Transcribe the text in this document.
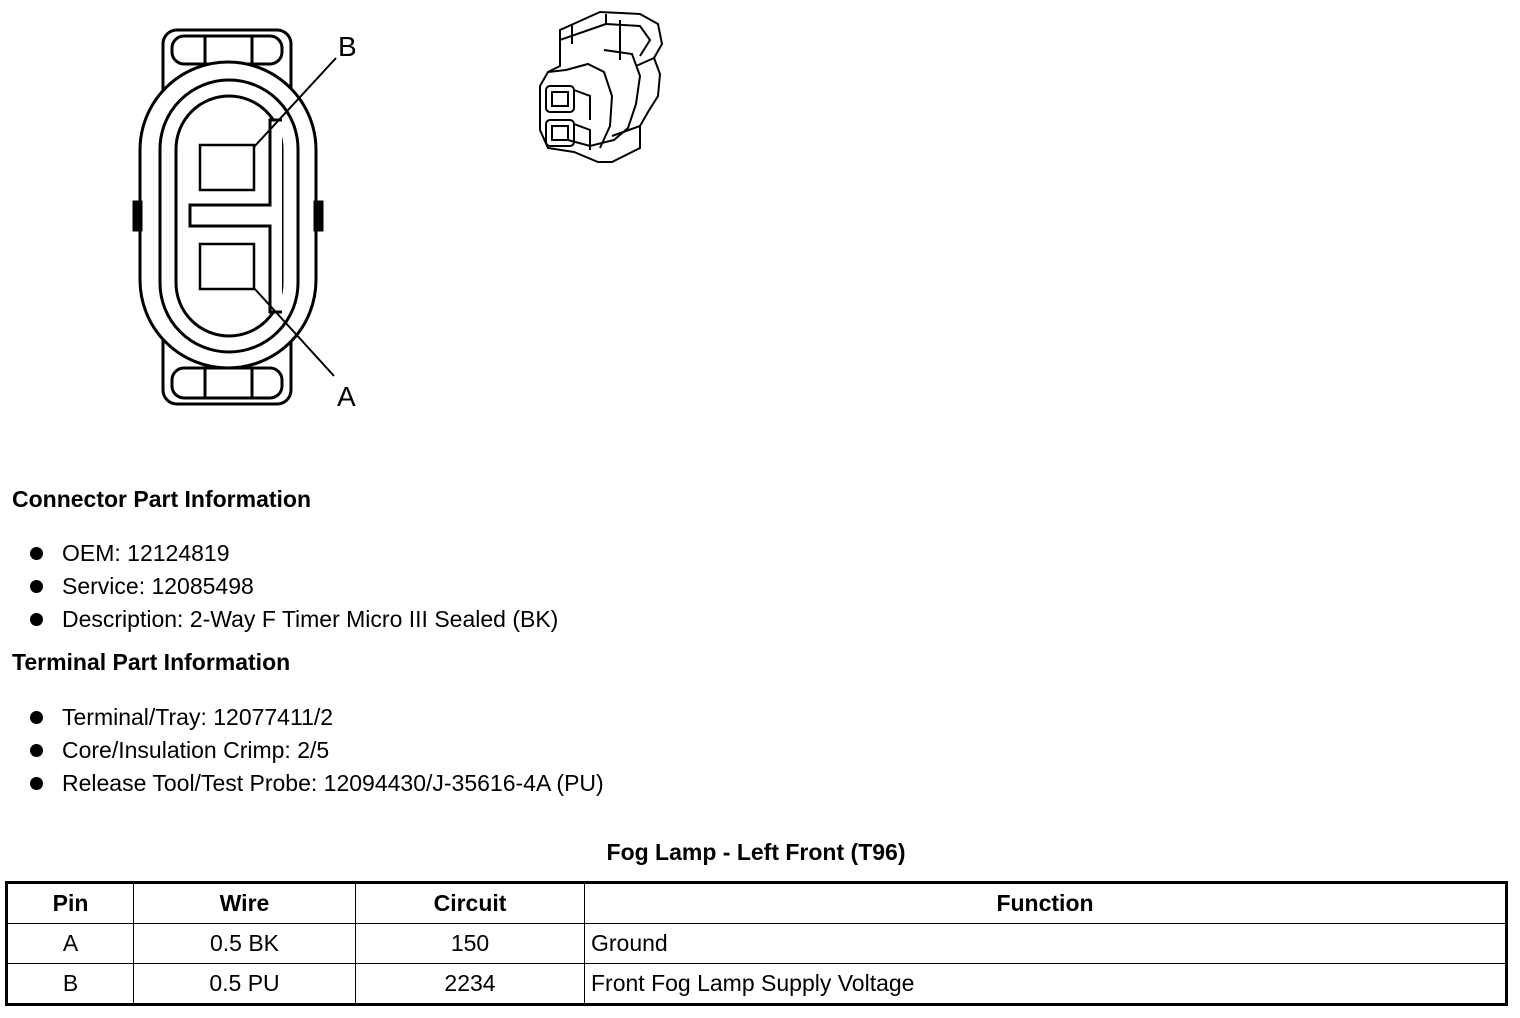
B
A
Connector Part Information
OEM: 12124819
Service: 12085498
Description: 2-Way F Timer Micro III Sealed (BK)
Terminal Part Information
Terminal/Tray: 12077411/2
Core/Insulation Crimp: 2/5
Release Tool/Test Probe: 12094430/J-35616-4A (PU)
Fog Lamp - Left Front (T96)
Pin	Wire	Circuit	Function
A	0.5 BK	150	Ground
B	0.5 PU	2234	Front Fog Lamp Supply Voltage
